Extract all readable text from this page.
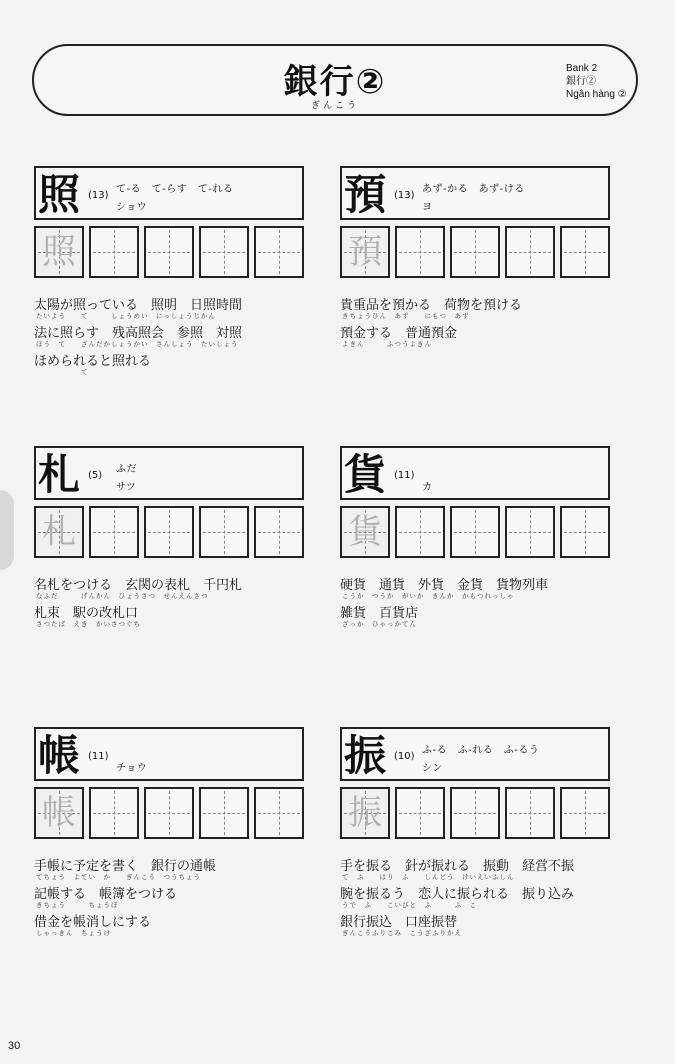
銀行②
ぎんこう
Bank 2
銀行②
Ngân hàng ②
照 (13)
て-る　て-らす　て-れる
ショウ
照
太陽が照っている　照明　日照時間
たいよう　　て　　　しょうめい　にっしょうじかん
法に照らす　残高照会　参照　対照
ほう　て　　ざんだかしょうかい　さんしょう　たいしょう
ほめられると照れる
　　　　　　て
預 (13)
あず-かる　あず-ける
ヨ
預
貴重品を預かる　荷物を預ける
きちょうひん　あず　　にもつ　あず
預金する　普通預金
よきん　　　ふつうよきん
札 (5)
ふだ
サツ
札
名札をつける　玄関の表札　千円札
なふだ　　　げんかん　ひょうさつ　せんえんさつ
札束　駅の改札口
さつたば　えき　かいさつぐち
貨 (11)
カ
貨
硬貨　通貨　外貨　金貨　貨物列車
こうか　つうか　がいか　きんか　かもつれっしゃ
雑貨　百貨店
ざっか　ひゃっかてん
帳 (11)
チョウ
帳
手帳に予定を書く　銀行の通帳
てちょう　よてい　か　　ぎんこう　つうちょう
記帳する　帳簿をつける
きちょう　　　ちょうぼ
借金を帳消しにする
しゃっきん　ちょうけ
振 (10)
ふ-る　ふ-れる　ふ-るう
シン
振
手を振る　針が振れる　振動　経営不振
て　ふ　　はり　ふ　　しんどう　けいえいふしん
腕を振るう　恋人に振られる　振り込み
うで　ふ　　こいびと　ふ　　　ふ　こ
銀行振込　口座振替
ぎんこうふりこみ　こうざふりかえ
30
